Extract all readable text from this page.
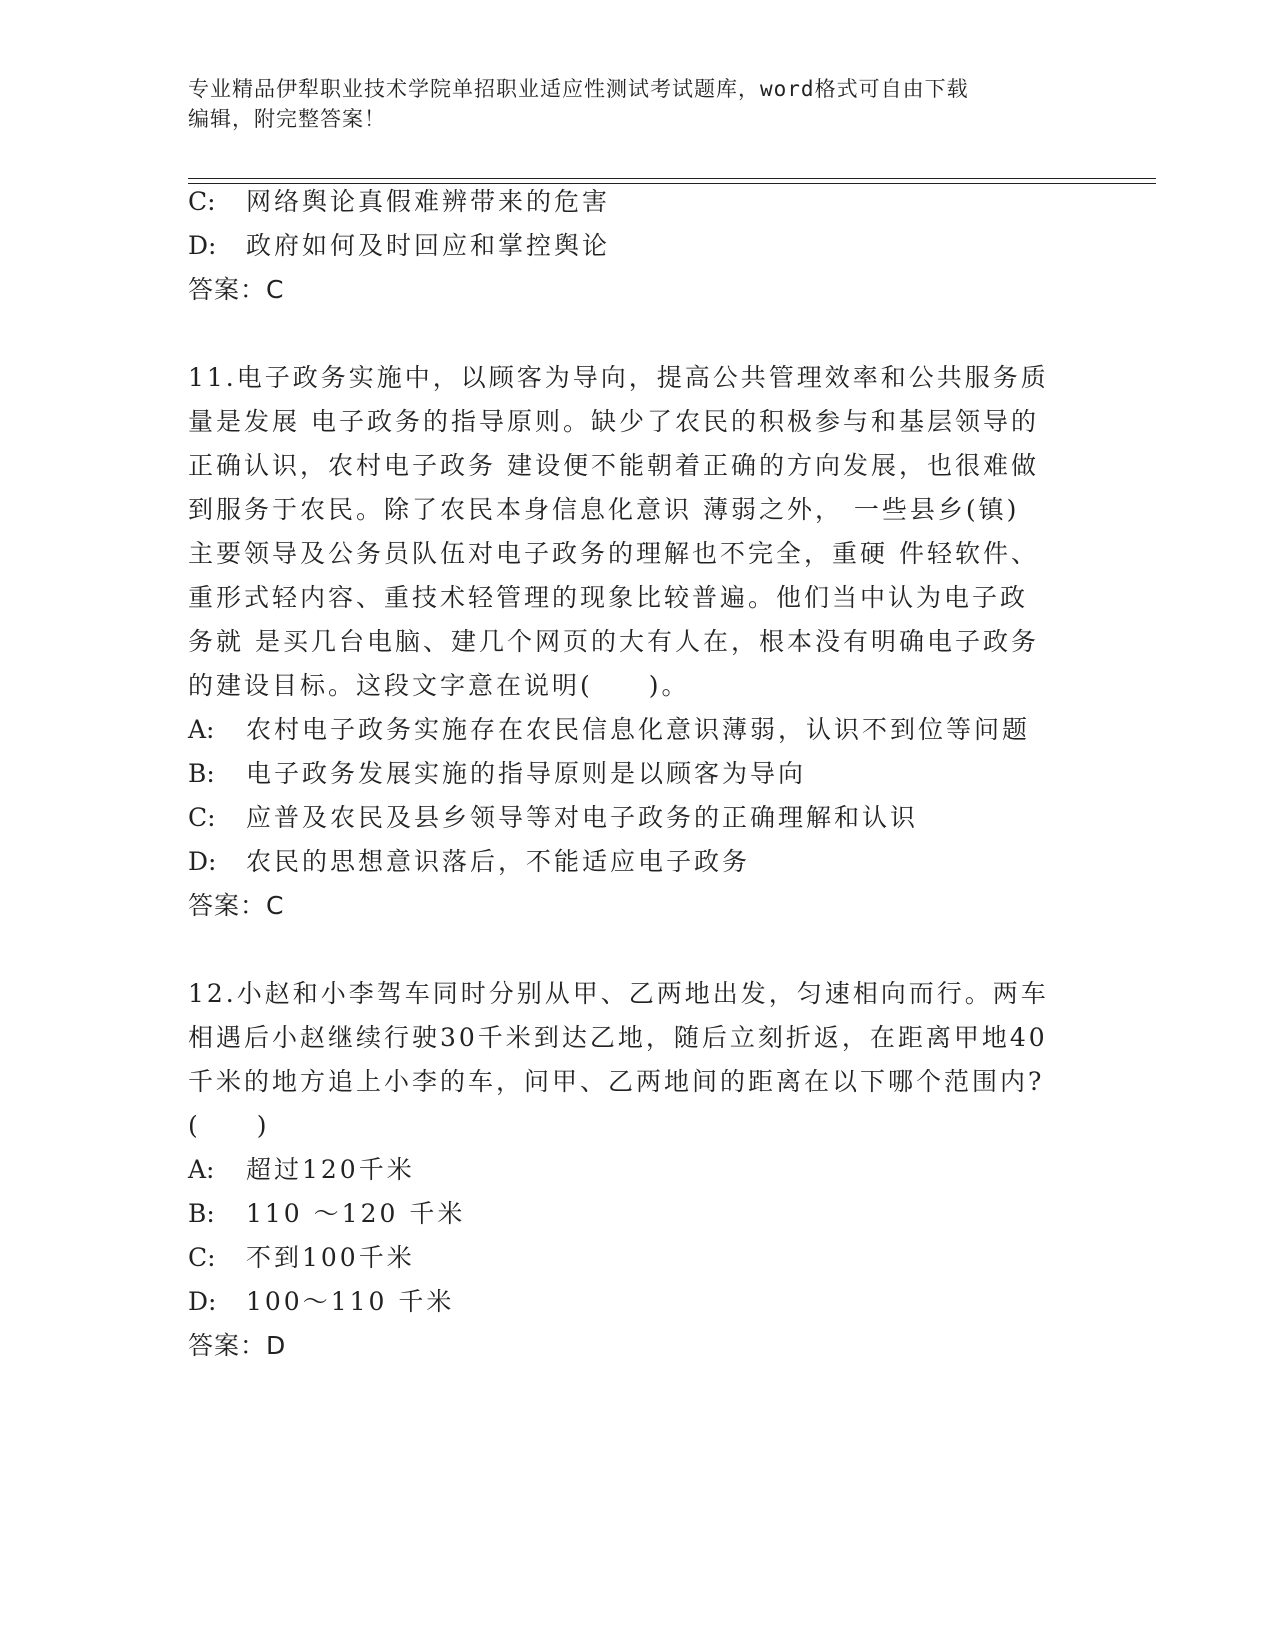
专业精品伊犁职业技术学院单招职业适应性测试考试题库，word格式可自由下载
编辑，附完整答案！
C: 网络舆论真假难辨带来的危害
D: 政府如何及时回应和掌控舆论
答案：C
11.电子政务实施中，以顾客为导向，提高公共管理效率和公共服务质
量是发展 电子政务的指导原则。缺少了农民的积极参与和基层领导的
正确认识，农村电子政务 建设便不能朝着正确的方向发展，也很难做
到服务于农民。除了农民本身信息化意识 薄弱之外， 一些县乡(镇)
主要领导及公务员队伍对电子政务的理解也不完全，重硬 件轻软件、
重形式轻内容、重技术轻管理的现象比较普遍。他们当中认为电子政
务就 是买几台电脑、建几个网页的大有人在，根本没有明确电子政务
的建设目标。这段文字意在说明(　　)。
A: 农村电子政务实施存在农民信息化意识薄弱，认识不到位等问题
B: 电子政务发展实施的指导原则是以顾客为导向
C: 应普及农民及县乡领导等对电子政务的正确理解和认识
D: 农民的思想意识落后，不能适应电子政务
答案：C
12.小赵和小李驾车同时分别从甲、乙两地出发，匀速相向而行。两车
相遇后小赵继续行驶30千米到达乙地，随后立刻折返，在距离甲地40
千米的地方追上小李的车，问甲、乙两地间的距离在以下哪个范围内?
(　　)
A: 超过120千米
B: 110 ～120 千米
C: 不到100千米
D: 100～110 千米
答案：D
